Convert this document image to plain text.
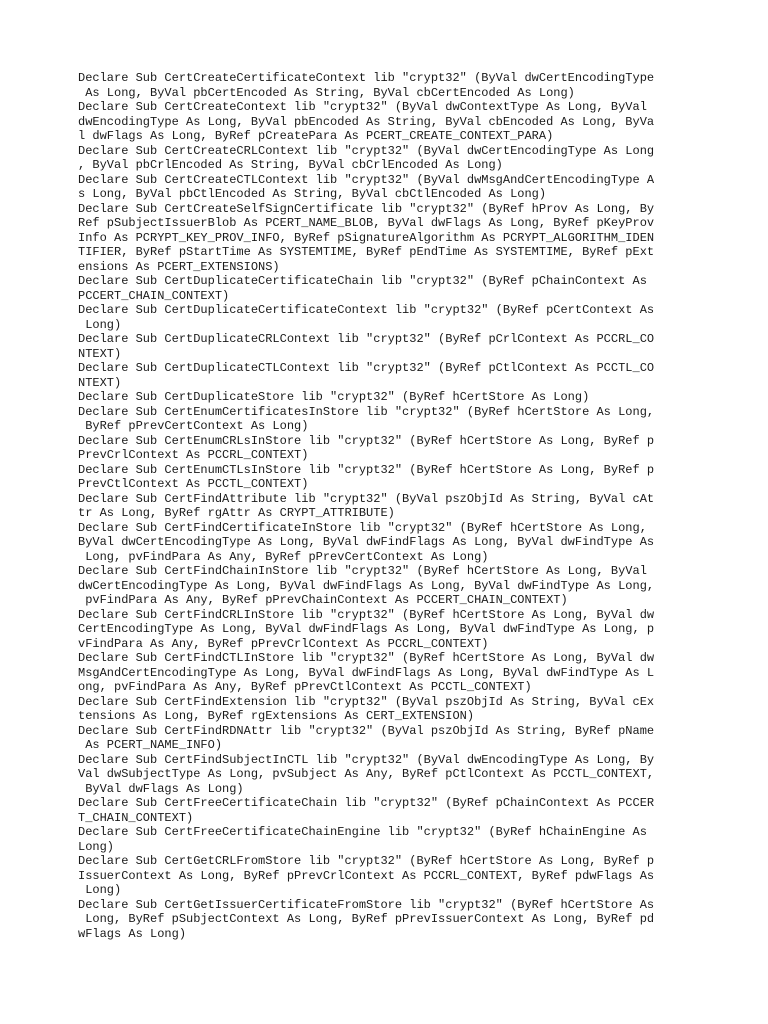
Declare Sub CertCreateCertificateContext lib "crypt32" (ByVal dwCertEncodingType
As Long, ByVal pbCertEncoded As String, ByVal cbCertEncoded As Long)
Declare Sub CertCreateContext lib "crypt32" (ByVal dwContextType As Long, ByVal
dwEncodingType As Long, ByVal pbEncoded As String, ByVal cbEncoded As Long, ByVa
l dwFlags As Long, ByRef pCreatePara As PCERT_CREATE_CONTEXT_PARA)
Declare Sub CertCreateCRLContext lib "crypt32" (ByVal dwCertEncodingType As Long
, ByVal pbCrlEncoded As String, ByVal cbCrlEncoded As Long)
Declare Sub CertCreateCTLContext lib "crypt32" (ByVal dwMsgAndCertEncodingType A
s Long, ByVal pbCtlEncoded As String, ByVal cbCtlEncoded As Long)
Declare Sub CertCreateSelfSignCertificate lib "crypt32" (ByRef hProv As Long, By
Ref pSubjectIssuerBlob As PCERT_NAME_BLOB, ByVal dwFlags As Long, ByRef pKeyProv
Info As PCRYPT_KEY_PROV_INFO, ByRef pSignatureAlgorithm As PCRYPT_ALGORITHM_IDEN
TIFIER, ByRef pStartTime As SYSTEMTIME, ByRef pEndTime As SYSTEMTIME, ByRef pExt
ensions As PCERT_EXTENSIONS)
Declare Sub CertDuplicateCertificateChain lib "crypt32" (ByRef pChainContext As
PCCERT_CHAIN_CONTEXT)
Declare Sub CertDuplicateCertificateContext lib "crypt32" (ByRef pCertContext As
Long)
Declare Sub CertDuplicateCRLContext lib "crypt32" (ByRef pCrlContext As PCCRL_CO
NTEXT)
Declare Sub CertDuplicateCTLContext lib "crypt32" (ByRef pCtlContext As PCCTL_CO
NTEXT)
Declare Sub CertDuplicateStore lib "crypt32" (ByRef hCertStore As Long)
Declare Sub CertEnumCertificatesInStore lib "crypt32" (ByRef hCertStore As Long,
ByRef pPrevCertContext As Long)
Declare Sub CertEnumCRLsInStore lib "crypt32" (ByRef hCertStore As Long, ByRef p
PrevCrlContext As PCCRL_CONTEXT)
Declare Sub CertEnumCTLsInStore lib "crypt32" (ByRef hCertStore As Long, ByRef p
PrevCtlContext As PCCTL_CONTEXT)
Declare Sub CertFindAttribute lib "crypt32" (ByVal pszObjId As String, ByVal cAt
tr As Long, ByRef rgAttr As CRYPT_ATTRIBUTE)
Declare Sub CertFindCertificateInStore lib "crypt32" (ByRef hCertStore As Long,
ByVal dwCertEncodingType As Long, ByVal dwFindFlags As Long, ByVal dwFindType As
Long, pvFindPara As Any, ByRef pPrevCertContext As Long)
Declare Sub CertFindChainInStore lib "crypt32" (ByRef hCertStore As Long, ByVal
dwCertEncodingType As Long, ByVal dwFindFlags As Long, ByVal dwFindType As Long,
pvFindPara As Any, ByRef pPrevChainContext As PCCERT_CHAIN_CONTEXT)
Declare Sub CertFindCRLInStore lib "crypt32" (ByRef hCertStore As Long, ByVal dw
CertEncodingType As Long, ByVal dwFindFlags As Long, ByVal dwFindType As Long, p
vFindPara As Any, ByRef pPrevCrlContext As PCCRL_CONTEXT)
Declare Sub CertFindCTLInStore lib "crypt32" (ByRef hCertStore As Long, ByVal dw
MsgAndCertEncodingType As Long, ByVal dwFindFlags As Long, ByVal dwFindType As L
ong, pvFindPara As Any, ByRef pPrevCtlContext As PCCTL_CONTEXT)
Declare Sub CertFindExtension lib "crypt32" (ByVal pszObjId As String, ByVal cEx
tensions As Long, ByRef rgExtensions As CERT_EXTENSION)
Declare Sub CertFindRDNAttr lib "crypt32" (ByVal pszObjId As String, ByRef pName
As PCERT_NAME_INFO)
Declare Sub CertFindSubjectInCTL lib "crypt32" (ByVal dwEncodingType As Long, By
Val dwSubjectType As Long, pvSubject As Any, ByRef pCtlContext As PCCTL_CONTEXT,
ByVal dwFlags As Long)
Declare Sub CertFreeCertificateChain lib "crypt32" (ByRef pChainContext As PCCER
T_CHAIN_CONTEXT)
Declare Sub CertFreeCertificateChainEngine lib "crypt32" (ByRef hChainEngine As
Long)
Declare Sub CertGetCRLFromStore lib "crypt32" (ByRef hCertStore As Long, ByRef p
IssuerContext As Long, ByRef pPrevCrlContext As PCCRL_CONTEXT, ByRef pdwFlags As
Long)
Declare Sub CertGetIssuerCertificateFromStore lib "crypt32" (ByRef hCertStore As
Long, ByRef pSubjectContext As Long, ByRef pPrevIssuerContext As Long, ByRef pd
wFlags As Long)
